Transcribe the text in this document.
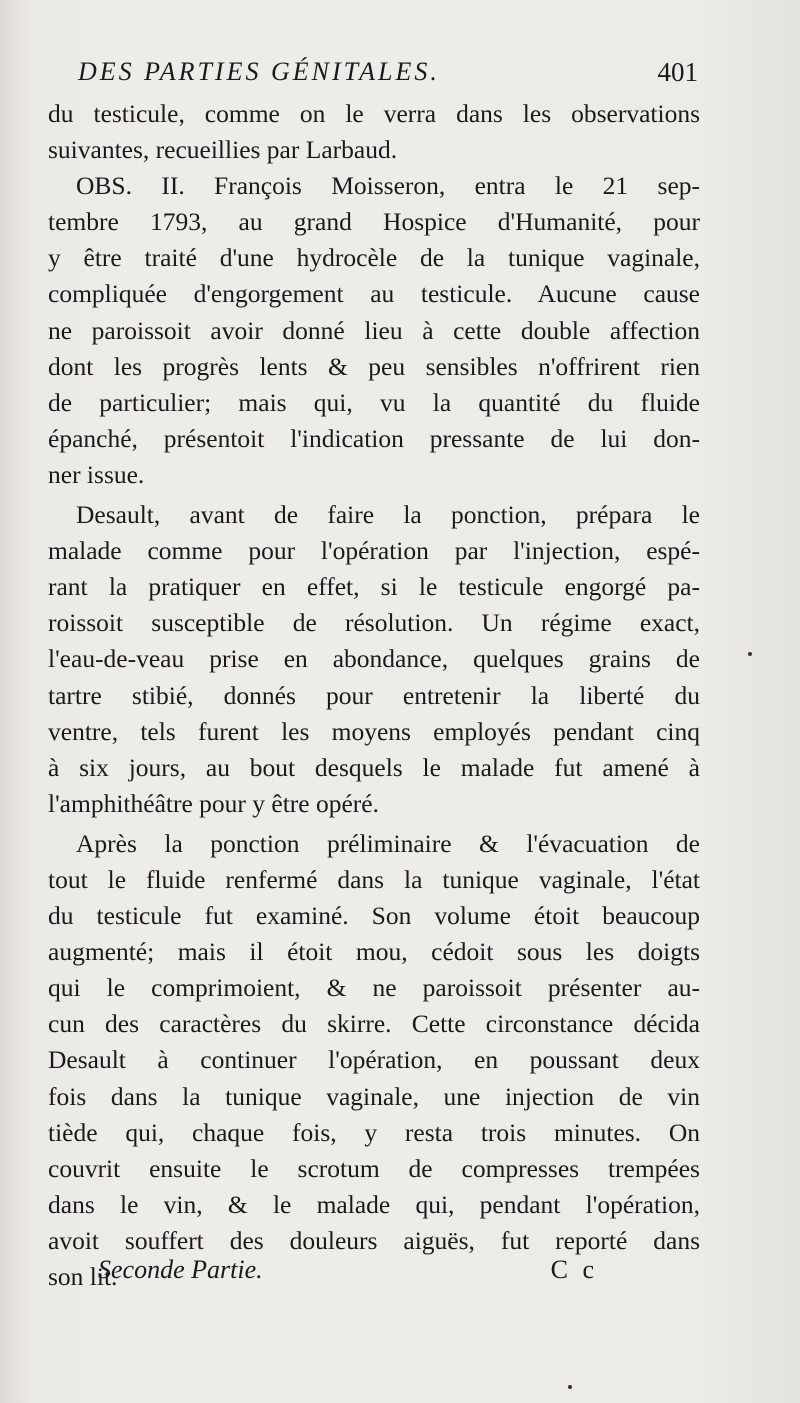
DES PARTIES GÉNITALES.	401
du testicule, comme on le verra dans les observations
suivantes, recueillies par Larbaud.
OBS. II. François Moisseron, entra le 21 sep-
tembre 1793, au grand Hospice d'Humanité, pour
y être traité d'une hydrocèle de la tunique vaginale,
compliquée d'engorgement au testicule. Aucune cause
ne paroissoit avoir donné lieu à cette double affection
dont les progrès lents & peu sensibles n'offrirent rien
de particulier; mais qui, vu la quantité du fluide
épanché, présentoit l'indication pressante de lui don-
ner issue.
Desault, avant de faire la ponction, prépara le
malade comme pour l'opération par l'injection, espé-
rant la pratiquer en effet, si le testicule engorgé pa-
roissoit susceptible de résolution. Un régime exact,
l'eau-de-veau prise en abondance, quelques grains de
tartre stibié, donnés pour entretenir la liberté du
ventre, tels furent les moyens employés pendant cinq
à six jours, au bout desquels le malade fut amené à
l'amphithéâtre pour y être opéré.
Après la ponction préliminaire & l'évacuation de
tout le fluide renfermé dans la tunique vaginale, l'état
du testicule fut examiné. Son volume étoit beaucoup
augmenté; mais il étoit mou, cédoit sous les doigts
qui le comprimoient, & ne paroissoit présenter au-
cun des caractères du skirre. Cette circonstance décida
Desault à continuer l'opération, en poussant deux
fois dans la tunique vaginale, une injection de vin
tiède qui, chaque fois, y resta trois minutes. On
couvrit ensuite le scrotum de compresses trempées
dans le vin, & le malade qui, pendant l'opération,
avoit souffert des douleurs aiguës, fut reporté dans
son lit.
Seconde Partie.	C c
